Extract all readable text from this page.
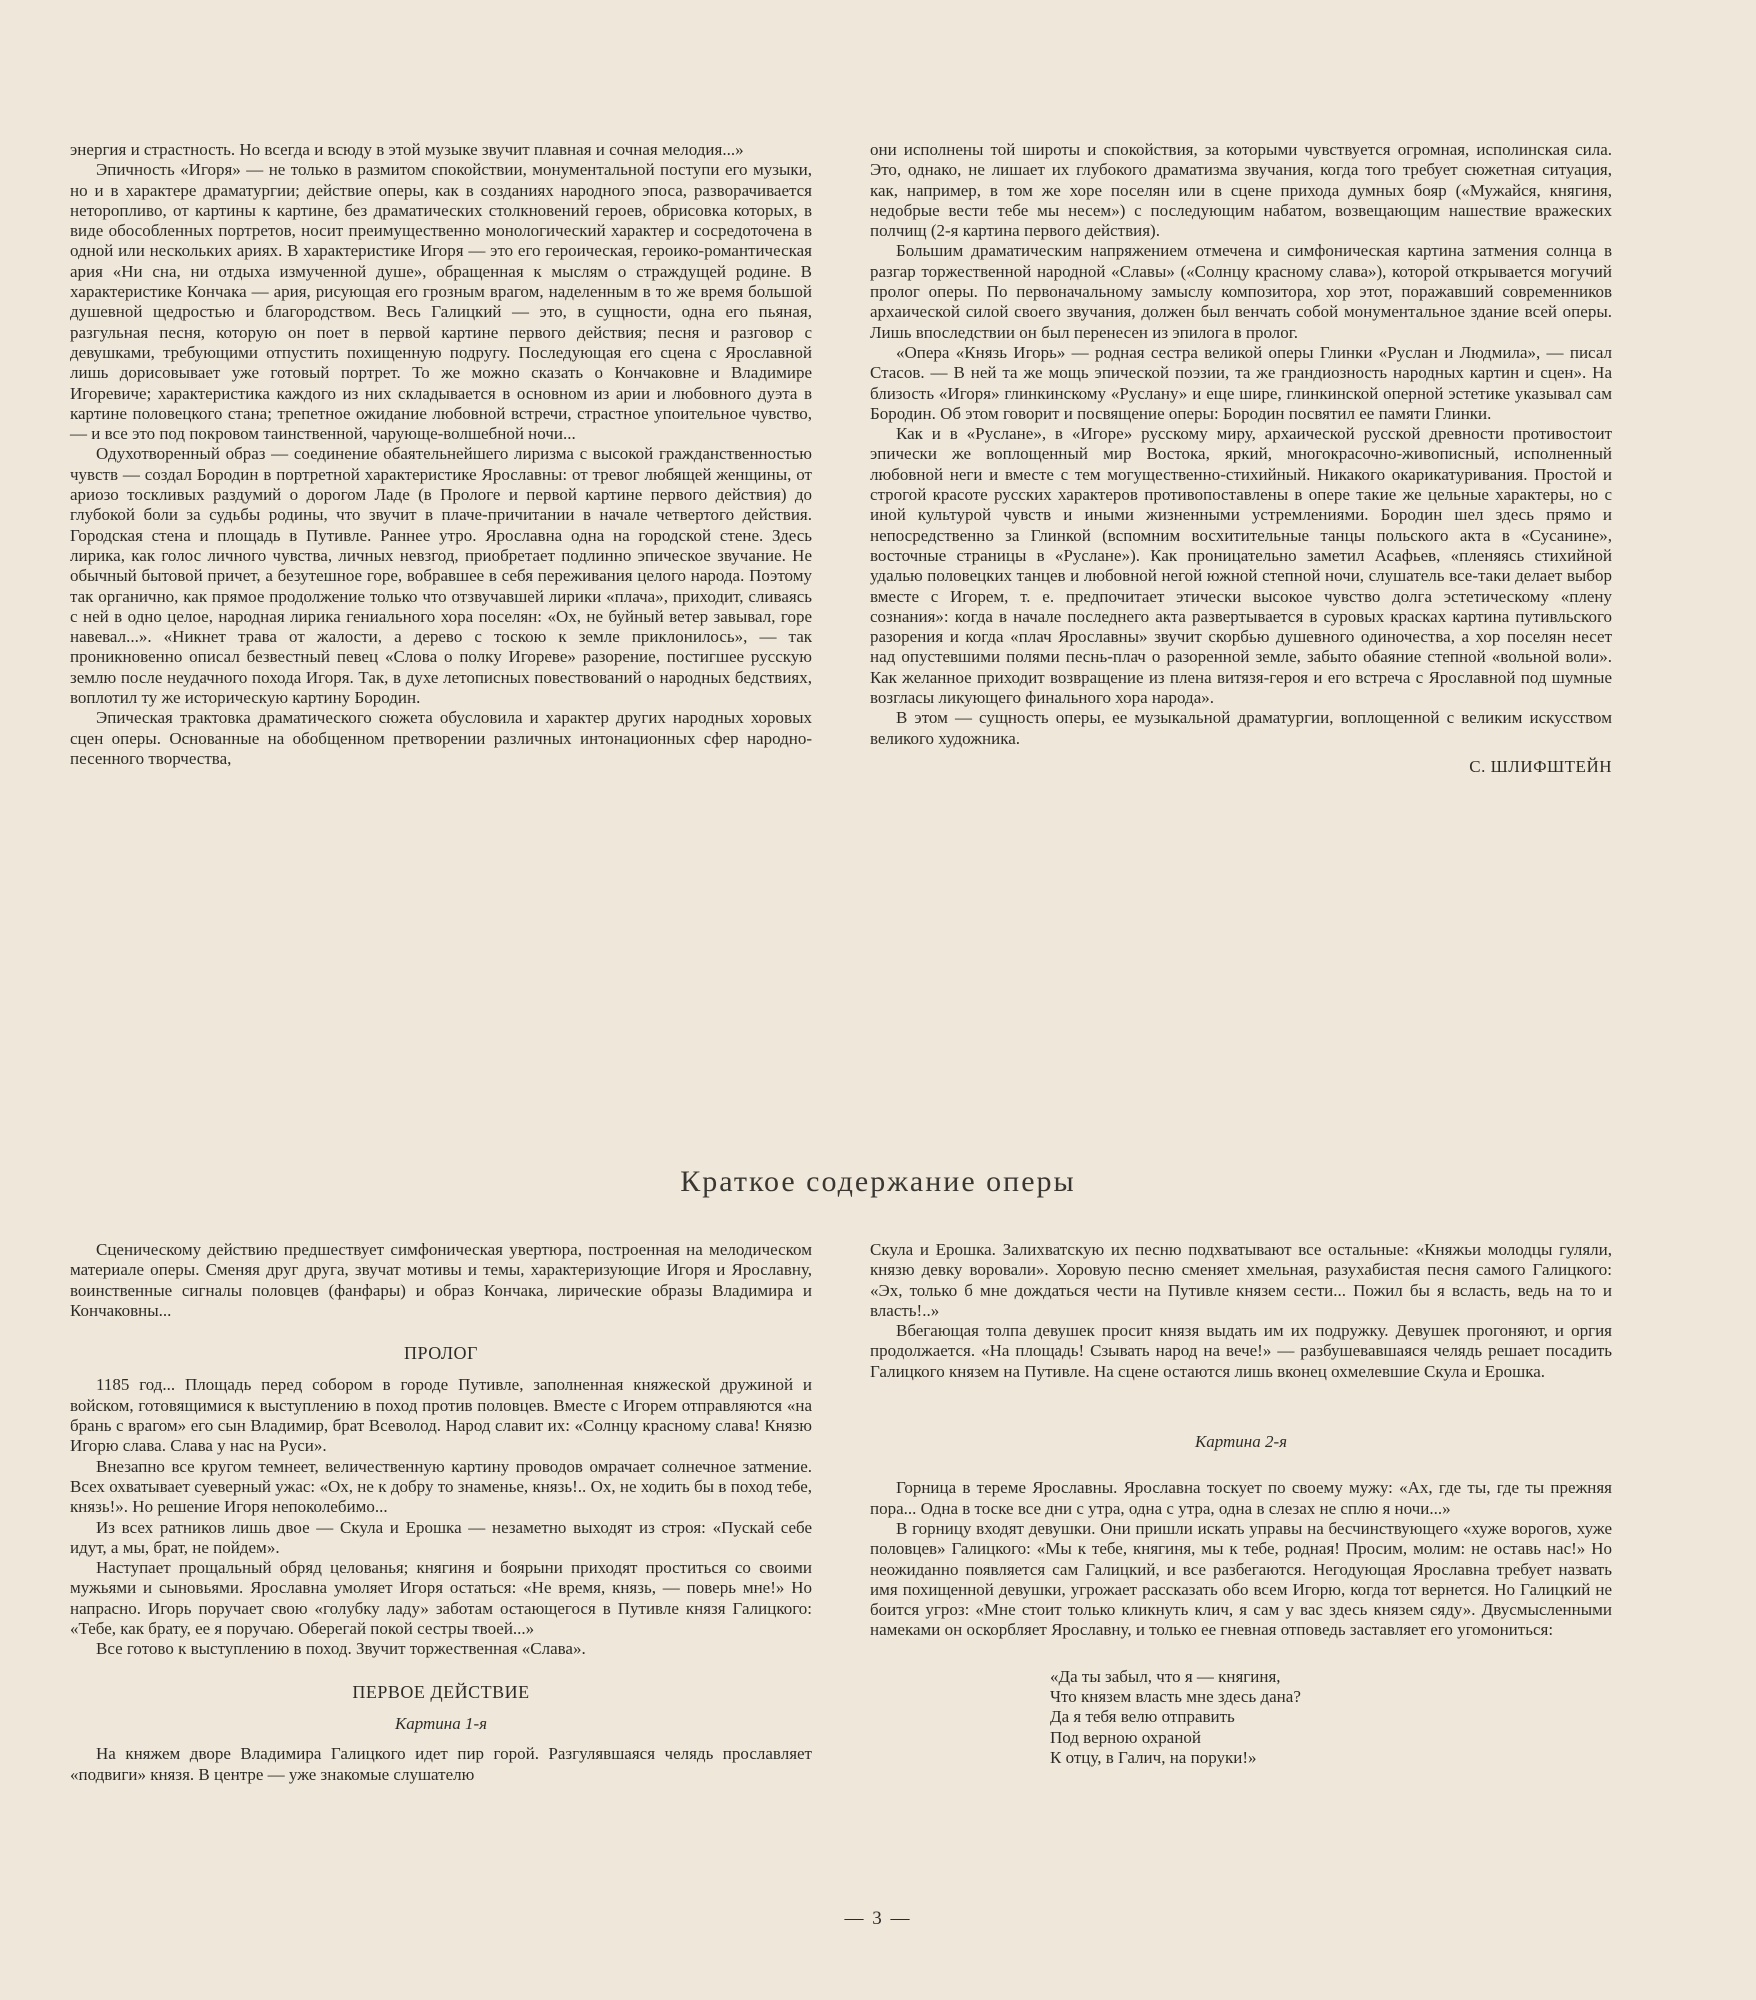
энергия и страстность. Но всегда и всюду в этой музыке звучит плавная и сочная мелодия...»

Эпичность «Игоря» — не только в размитом спокойствии, монументальной поступи его музыки, но и в характере драматургии; действие оперы, как в созданиях народного эпоса, разворачивается неторопливо, от картины к картине, без драматических столкновений героев, обрисовка которых, в виде обособленных портретов, носит преимущественно монологический характер и сосредоточена в одной или нескольких ариях. В характеристике Игоря — это его героическая, героико-романтическая ария «Ни сна, ни отдыха измученной душе», обращенная к мыслям о страждущей родине. В характеристике Кончака — ария, рисующая его грозным врагом, наделенным в то же время большой душевной щедростью и благородством. Весь Галицкий — это, в сущности, одна его пьяная, разгульная песня, которую он поет в первой картине первого действия; песня и разговор с девушками, требующими отпустить похищенную подругу. Последующая его сцена с Ярославной лишь дорисовывает уже готовый портрет. То же можно сказать о Кончаковне и Владимире Игоревиче; характеристика каждого из них складывается в основном из арии и любовного дуэта в картине половецкого стана; трепетное ожидание любовной встречи, страстное упоительное чувство, — и все это под покровом таинственной, чарующе-волшебной ночи...

Одухотворенный образ — соединение обаятельнейшего лиризма с высокой гражданственностью чувств — создал Бородин в портретной характеристике Ярославны: от тревог любящей женщины, от ариозо тоскливых раздумий о дорогом Ладе (в Прологе и первой картине первого действия) до глубокой боли за судьбы родины, что звучит в плаче-причитании в начале четвертого действия. Городская стена и площадь в Путивле. Раннее утро. Ярославна одна на городской стене. Здесь лирика, как голос личного чувства, личных невзгод, приобретает подлинно эпическое звучание. Не обычный бытовой причет, а безутешное горе, вобравшее в себя переживания целого народа. Поэтому так органично, как прямое продолжение только что отзвучавшей лирики «плача», приходит, сливаясь с ней в одно целое, народная лирика гениального хора поселян: «Ох, не буйный ветер завывал, горе навевал...». «Никнет трава от жалости, а дерево с тоскою к земле приклонилось», — так проникновенно описал безвестный певец «Слова о полку Игореве» разорение, постигшее русскую землю после неудачного похода Игоря. Так, в духе летописных повествований о народных бедствиях, воплотил ту же историческую картину Бородин.

Эпическая трактовка драматического сюжета обусловила и характер других народных хоровых сцен оперы. Основанные на обобщенном претворении различных интонационных сфер народно-песенного творчества,

они исполнены той широты и спокойствия, за которыми чувствуется огромная, исполинская сила. Это, однако, не лишает их глубокого драматизма звучания, когда того требует сюжетная ситуация, как, например, в том же хоре поселян или в сцене прихода думных бояр («Мужайся, княгиня, недобрые вести тебе мы несем») с последующим набатом, возвещающим нашествие вражеских полчищ (2-я картина первого действия).

Большим драматическим напряжением отмечена и симфоническая картина затмения солнца в разгар торжественной народной «Славы» («Солнцу красному слава»), которой открывается могучий пролог оперы. По первоначальному замыслу композитора, хор этот, поражавший современников архаической силой своего звучания, должен был венчать собой монументальное здание всей оперы. Лишь впоследствии он был перенесен из эпилога в пролог.

«Опера «Князь Игорь» — родная сестра великой оперы Глинки «Руслан и Людмила», — писал Стасов. — В ней та же мощь эпической поэзии, та же грандиозность народных картин и сцен». На близость «Игоря» глинкинскому «Руслану» и еще шире, глинкинской оперной эстетике указывал сам Бородин. Об этом говорит и посвящение оперы: Бородин посвятил ее памяти Глинки.

Как и в «Руслане», в «Игоре» русскому миру, архаической русской древности противостоит эпически же воплощенный мир Востока, яркий, многокрасочно-живописный, исполненный любовной неги и вместе с тем могущественно-стихийный. Никакого окарикатуривания. Простой и строгой красоте русских характеров противопоставлены в опере такие же цельные характеры, но с иной культурой чувств и иными жизненными устремлениями. Бородин шел здесь прямо и непосредственно за Глинкой (вспомним восхитительные танцы польского акта в «Сусанине», восточные страницы в «Руслане»). Как проницательно заметил Асафьев, «пленяясь стихийной удалью половецких танцев и любовной негой южной степной ночи, слушатель все-таки делает выбор вместе с Игорем, т. е. предпочитает этически высокое чувство долга эстетическому «плену сознания»: когда в начале последнего акта развертывается в суровых красках картина путивльского разорения и когда «плач Ярославны» звучит скорбью душевного одиночества, а хор поселян несет над опустевшими полями песнь-плач о разоренной земле, забыто обаяние степной «вольной воли». Как желанное приходит возвращение из плена витязя-героя и его встреча с Ярославной под шумные возгласы ликующего финального хора народа».

В этом — сущность оперы, ее музыкальной драматургии, воплощенной с великим искусством великого художника.

С. ШЛИФШТЕЙН
Краткое содержание оперы

Сценическому действию предшествует симфоническая увертюра, построенная на мелодическом материале оперы. Сменяя друг друга, звучат мотивы и темы, характеризующие Игоря и Ярославну, воинственные сигналы половцев (фанфары) и образ Кончака, лирические образы Владимира и Кончаковны...

ПРОЛОГ

1185 год... Площадь перед собором в городе Путивле, заполненная княжеской дружиной и войском, готовящимися к выступлению в поход против половцев. Вместе с Игорем отправляются «на брань с врагом» его сын Владимир, брат Всеволод. Народ славит их: «Солнцу красному слава! Князю Игорю слава. Слава у нас на Руси».

Внезапно все кругом темнеет, величественную картину проводов омрачает солнечное затмение. Всех охватывает суеверный ужас: «Ох, не к добру то знаменье, князь!.. Ох, не ходить бы в поход тебе, князь!». Но решение Игоря непоколебимо...

Из всех ратников лишь двое — Скула и Ерошка — незаметно выходят из строя: «Пускай себе идут, а мы, брат, не пойдем».

Наступает прощальный обряд целованья; княгиня и боярыни приходят проститься со своими мужьями и сыновьями. Ярославна умоляет Игоря остаться: «Не время, князь, — поверь мне!» Но напрасно. Игорь поручает свою «голубку ладу» заботам остающегося в Путивле князя Галицкого: «Тебе, как брату, ее я поручаю. Оберегай покой сестры твоей...»

Все готово к выступлению в поход. Звучит торжественная «Слава».

ПЕРВОЕ ДЕЙСТВИЕ
Картина 1-я

На княжем дворе Владимира Галицкого идет пир горой. Разгулявшаяся челядь прославляет «подвиги» князя. В центре — уже знакомые слушателю

Скула и Ерошка. Залихватскую их песню подхватывают все остальные: «Княжьи молодцы гуляли, князю девку воровали». Хоровую песню сменяет хмельная, разухабистая песня самого Галицкого: «Эх, только б мне дождаться чести на Путивле князем сести... Пожил бы я всласть, ведь на то и власть!..»

Вбегающая толпа девушек просит князя выдать им их подружку. Девушек прогоняют, и оргия продолжается. «На площадь! Сзывать народ на вече!» — разбушевавшаяся челядь решает посадить Галицкого князем на Путивле. На сцене остаются лишь вконец охмелевшие Скула и Ерошка.

Картина 2-я

Горница в тереме Ярославны. Ярославна тоскует по своему мужу: «Ах, где ты, где ты прежняя пора... Одна в тоске все дни с утра, одна с утра, одна в слезах не сплю я ночи...»

В горницу входят девушки. Они пришли искать управы на бесчинствующего «хуже ворогов, хуже половцев» Галицкого: «Мы к тебе, княгиня, мы к тебе, родная! Просим, молим: не оставь нас!» Но неожиданно появляется сам Галицкий, и все разбегаются. Негодующая Ярославна требует назвать имя похищенной девушки, угрожает рассказать обо всем Игорю, когда тот вернется. Но Галицкий не боится угроз: «Мне стоит только кликнуть клич, я сам у вас здесь князем сяду». Двусмысленными намеками он оскорбляет Ярославну, и только ее гневная отповедь заставляет его угомониться:

«Да ты забыл, что я — княгиня,
Что князем власть мне здесь дана?
Да я тебя велю отправить
Под верною охраной
К отцу, в Галич, на поруки!»
— 3 —
